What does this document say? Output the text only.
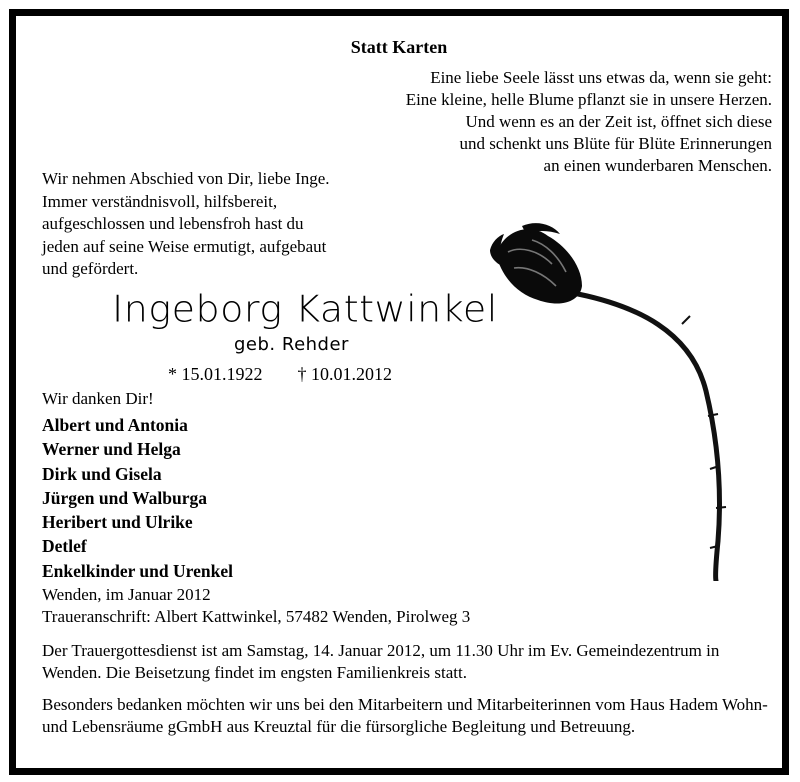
Statt Karten
Eine liebe Seele lässt uns etwas da, wenn sie geht:
Eine kleine, helle Blume pflanzt sie in unsere Herzen.
Und wenn es an der Zeit ist, öffnet sich diese
und schenkt uns Blüte für Blüte Erinnerungen
an einen wunderbaren Menschen.
Wir nehmen Abschied von Dir, liebe Inge.
Immer verständnisvoll, hilfsbereit,
aufgeschlossen und lebensfroh hast du
jeden auf seine Weise ermutigt, aufgebaut
und gefördert.
Ingeborg Kattwinkel
geb. Rehder
* 15.01.1922 † 10.01.2012
Wir danken Dir!
Albert und Antonia
Werner und Helga
Dirk und Gisela
Jürgen und Walburga
Heribert und Ulrike
Detlef
Enkelkinder und Urenkel
Wenden, im Januar 2012
Traueranschrift: Albert Kattwinkel, 57482 Wenden, Pirolweg 3

Der Trauergottesdienst ist am Samstag, 14. Januar 2012, um 11.30 Uhr im Ev. Gemeindezentrum in Wenden. Die Beisetzung findet im engsten Familienkreis statt.

Besonders bedanken möchten wir uns bei den Mitarbeitern und Mitarbeiterinnen vom Haus Hadem Wohn- und Lebensräume gGmbH aus Kreuztal für die fürsorgliche Begleitung und Betreuung.
